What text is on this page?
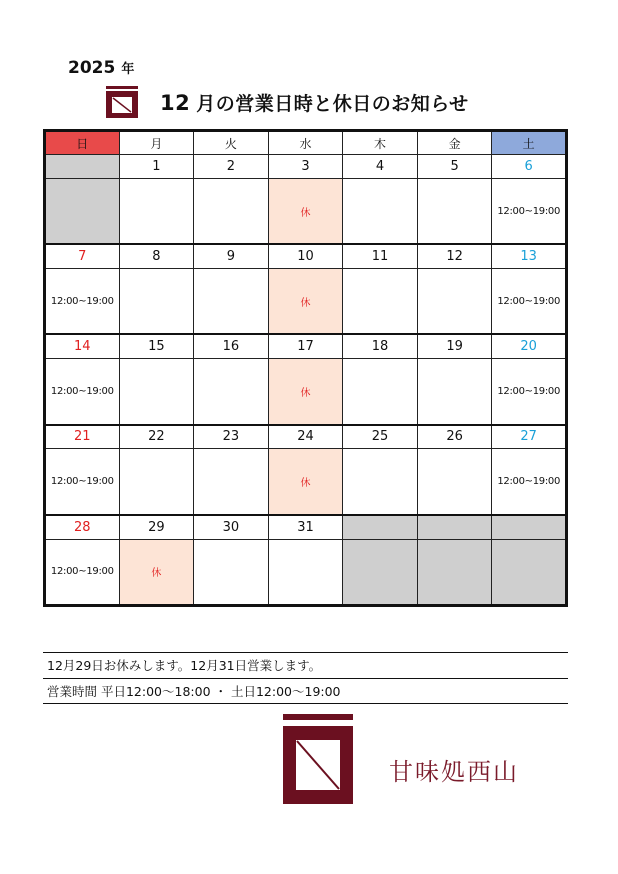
2025 年
12 月の営業日時と休日のお知らせ
日	月	火	水	木	金	土
	1	2	3	4	5	6
			休			12:00~19:00
7	8	9	10	11	12	13
12:00~19:00			休			12:00~19:00
14	15	16	17	18	19	20
12:00~19:00			休			12:00~19:00
21	22	23	24	25	26	27
12:00~19:00			休			12:00~19:00
28	29	30	31			
12:00~19:00	休					
12月29日お休みします。12月31日営業します。
営業時間 平日12:00～18:00 ・ 土日12:00～19:00
甘味処西山
